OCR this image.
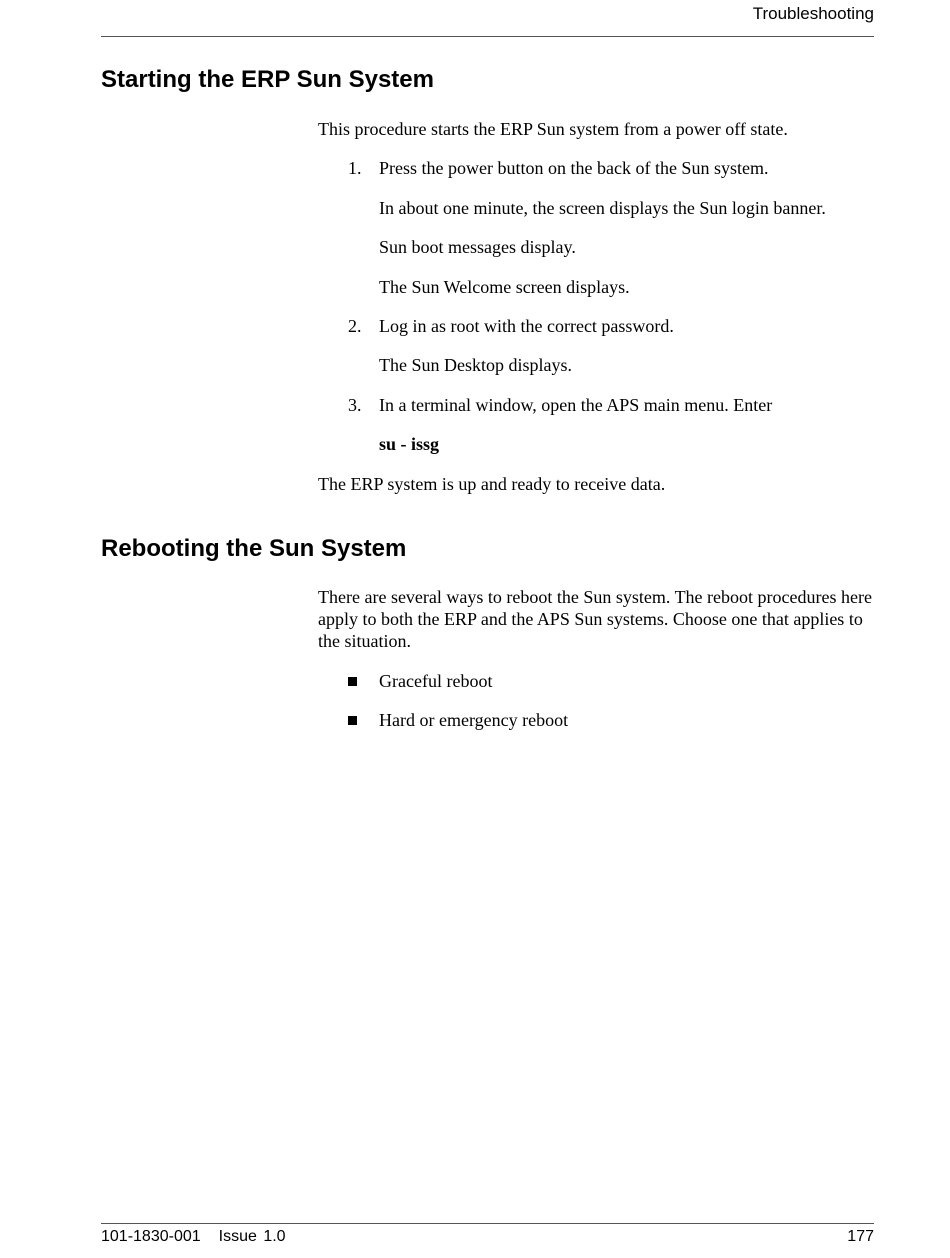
Troubleshooting
Starting the ERP Sun System

This procedure starts the ERP Sun system from a power off state.

1. Press the power button on the back of the Sun system.

In about one minute, the screen displays the Sun login banner.

Sun boot messages display.

The Sun Welcome screen displays.

2. Log in as root with the correct password.

The Sun Desktop displays.

3. In a terminal window, open the APS main menu. Enter

su - issg

The ERP system is up and ready to receive data.

Rebooting the Sun System

There are several ways to reboot the Sun system. The reboot procedures here apply to both the ERP and the APS Sun systems. Choose one that applies to the situation.

Graceful reboot

Hard or emergency reboot

101-1830-001 Issue 1.0	177
